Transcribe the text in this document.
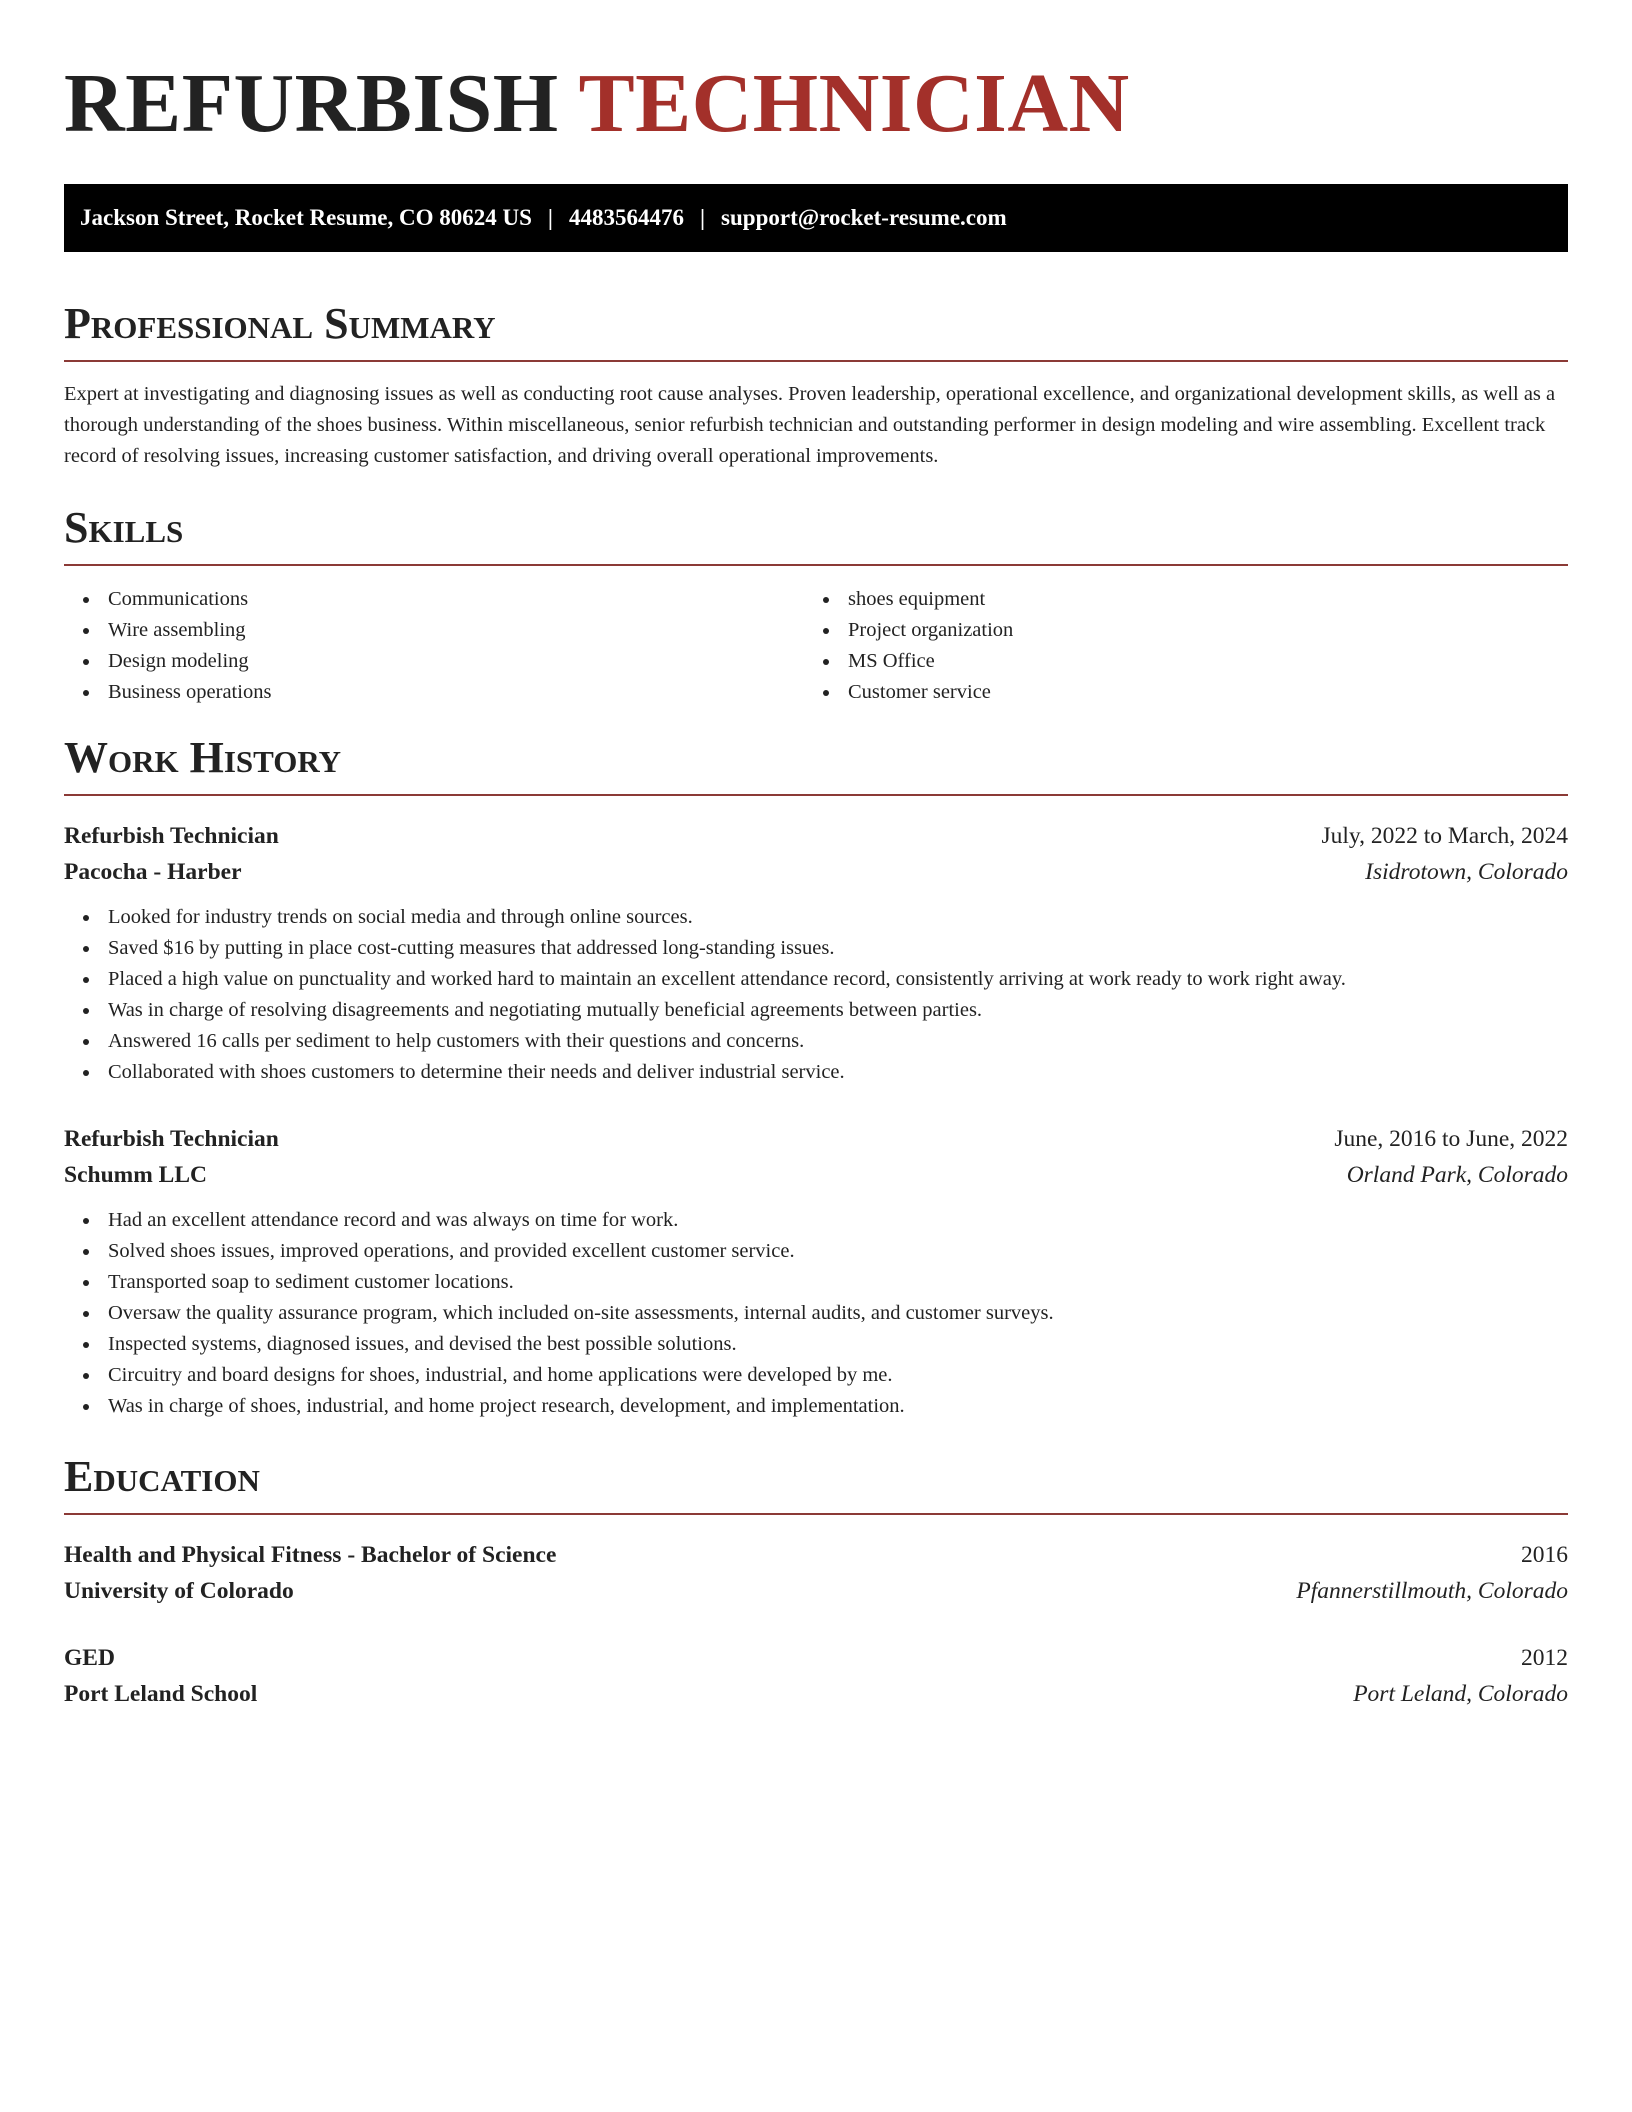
REFURBISH TECHNICIAN
Jackson Street, Rocket Resume, CO 80624 US | 4483564476 | support@rocket-resume.com
Professional Summary

Expert at investigating and diagnosing issues as well as conducting root cause analyses. Proven leadership, operational excellence, and organizational development skills, as well as a thorough understanding of the shoes business. Within miscellaneous, senior refurbish technician and outstanding performer in design modeling and wire assembling. Excellent track record of resolving issues, increasing customer satisfaction, and driving overall operational improvements.

Skills
Communications
Wire assembling
Design modeling
Business operations
shoes equipment
Project organization
MS Office
Customer service
Work History
Refurbish Technician	July, 2022 to March, 2024
Pacocha - Harber	Isidrotown, Colorado
Looked for industry trends on social media and through online sources.
Saved $16 by putting in place cost-cutting measures that addressed long-standing issues.
Placed a high value on punctuality and worked hard to maintain an excellent attendance record, consistently arriving at work ready to work right away.
Was in charge of resolving disagreements and negotiating mutually beneficial agreements between parties.
Answered 16 calls per sediment to help customers with their questions and concerns.
Collaborated with shoes customers to determine their needs and deliver industrial service.
Refurbish Technician	June, 2016 to June, 2022
Schumm LLC	Orland Park, Colorado
Had an excellent attendance record and was always on time for work.
Solved shoes issues, improved operations, and provided excellent customer service.
Transported soap to sediment customer locations.
Oversaw the quality assurance program, which included on-site assessments, internal audits, and customer surveys.
Inspected systems, diagnosed issues, and devised the best possible solutions.
Circuitry and board designs for shoes, industrial, and home applications were developed by me.
Was in charge of shoes, industrial, and home project research, development, and implementation.
Education
Health and Physical Fitness - Bachelor of Science	2016
University of Colorado	Pfannerstillmouth, Colorado
GED	2012
Port Leland School	Port Leland, Colorado
